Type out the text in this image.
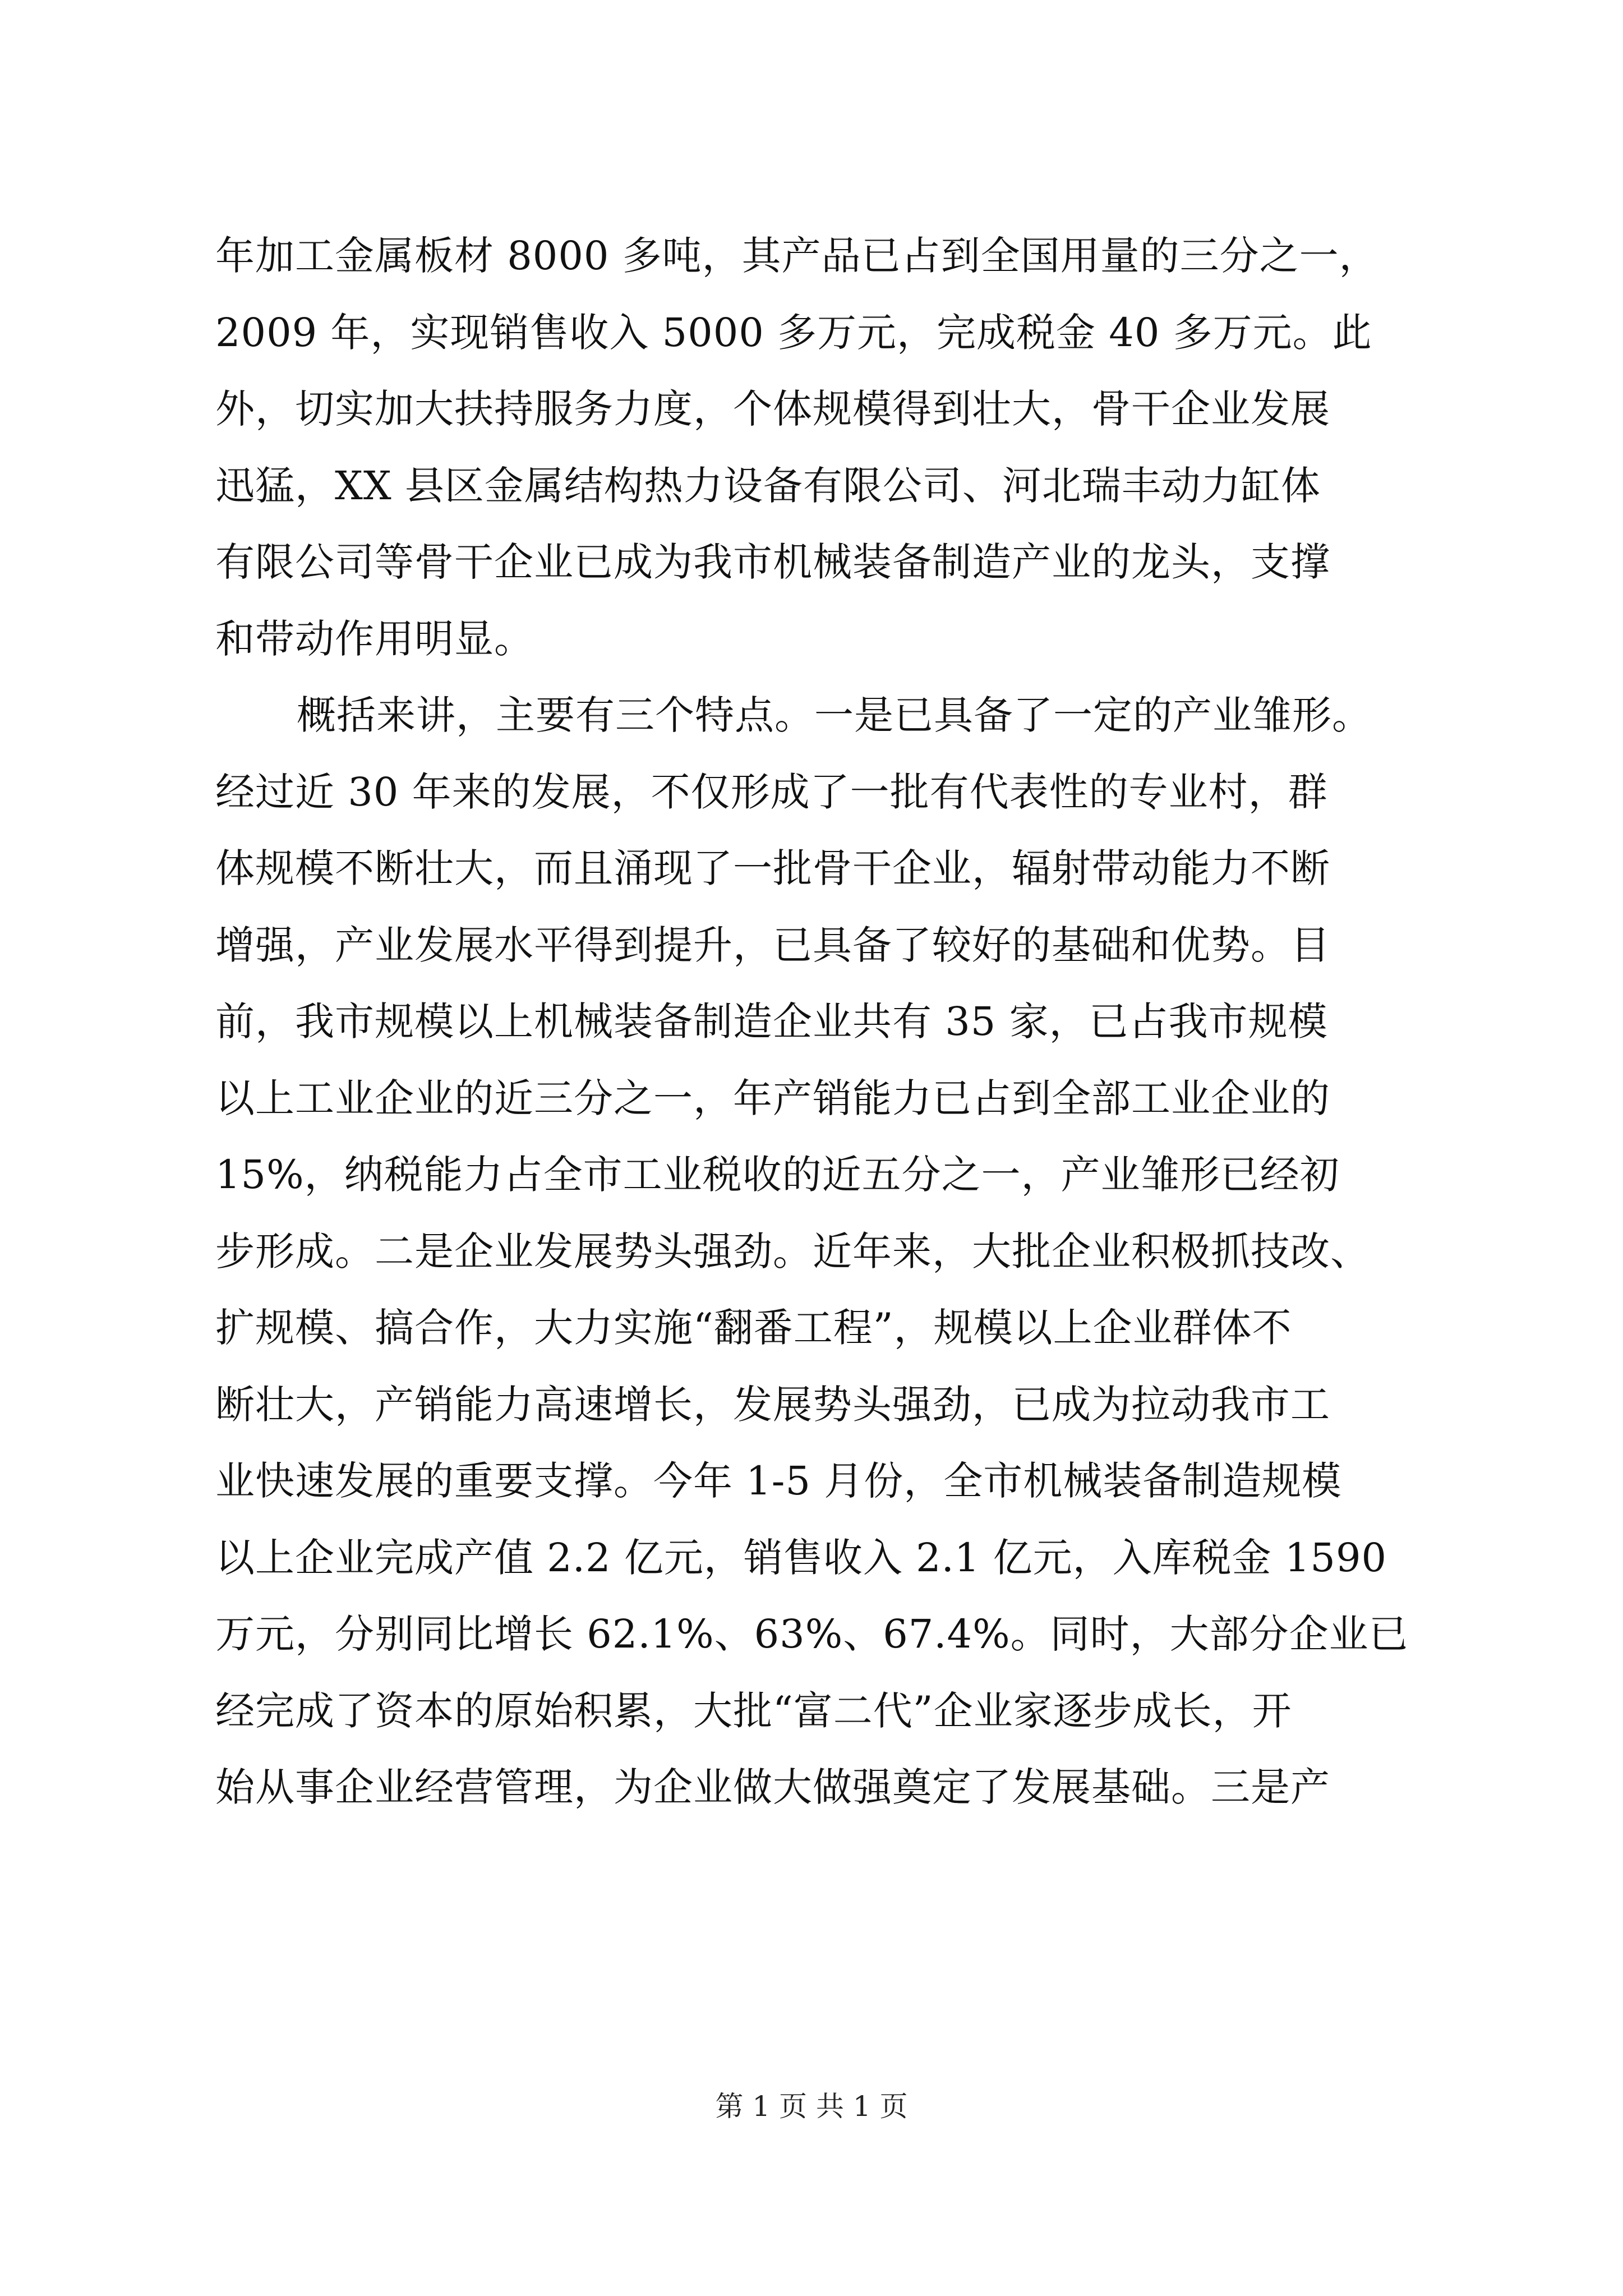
年加工金属板材 8000 多吨，其产品已占到全国用量的三分之一，
2009 年，实现销售收入 5000 多万元，完成税金 40 多万元。此
外，切实加大扶持服务力度，个体规模得到壮大，骨干企业发展
迅猛，XX 县区金属结构热力设备有限公司、河北瑞丰动力缸体
有限公司等骨干企业已成为我市机械装备制造产业的龙头，支撑
和带动作用明显。
概括来讲，主要有三个特点。一是已具备了一定的产业雏形。
经过近 30 年来的发展，不仅形成了一批有代表性的专业村，群
体规模不断壮大，而且涌现了一批骨干企业，辐射带动能力不断
增强，产业发展水平得到提升，已具备了较好的基础和优势。目
前，我市规模以上机械装备制造企业共有 35 家，已占我市规模
以上工业企业的近三分之一，年产销能力已占到全部工业企业的
15%，纳税能力占全市工业税收的近五分之一，产业雏形已经初
步形成。二是企业发展势头强劲。近年来，大批企业积极抓技改、
扩规模、搞合作，大力实施“翻番工程”，规模以上企业群体不
断壮大，产销能力高速增长，发展势头强劲，已成为拉动我市工
业快速发展的重要支撑。今年 1-5 月份，全市机械装备制造规模
以上企业完成产值 2.2 亿元，销售收入 2.1 亿元，入库税金 1590
万元，分别同比增长 62.1%、63%、67.4%。同时，大部分企业已
经完成了资本的原始积累，大批“富二代”企业家逐步成长，开
始从事企业经营管理，为企业做大做强奠定了发展基础。三是产
第 1 页 共 1 页
